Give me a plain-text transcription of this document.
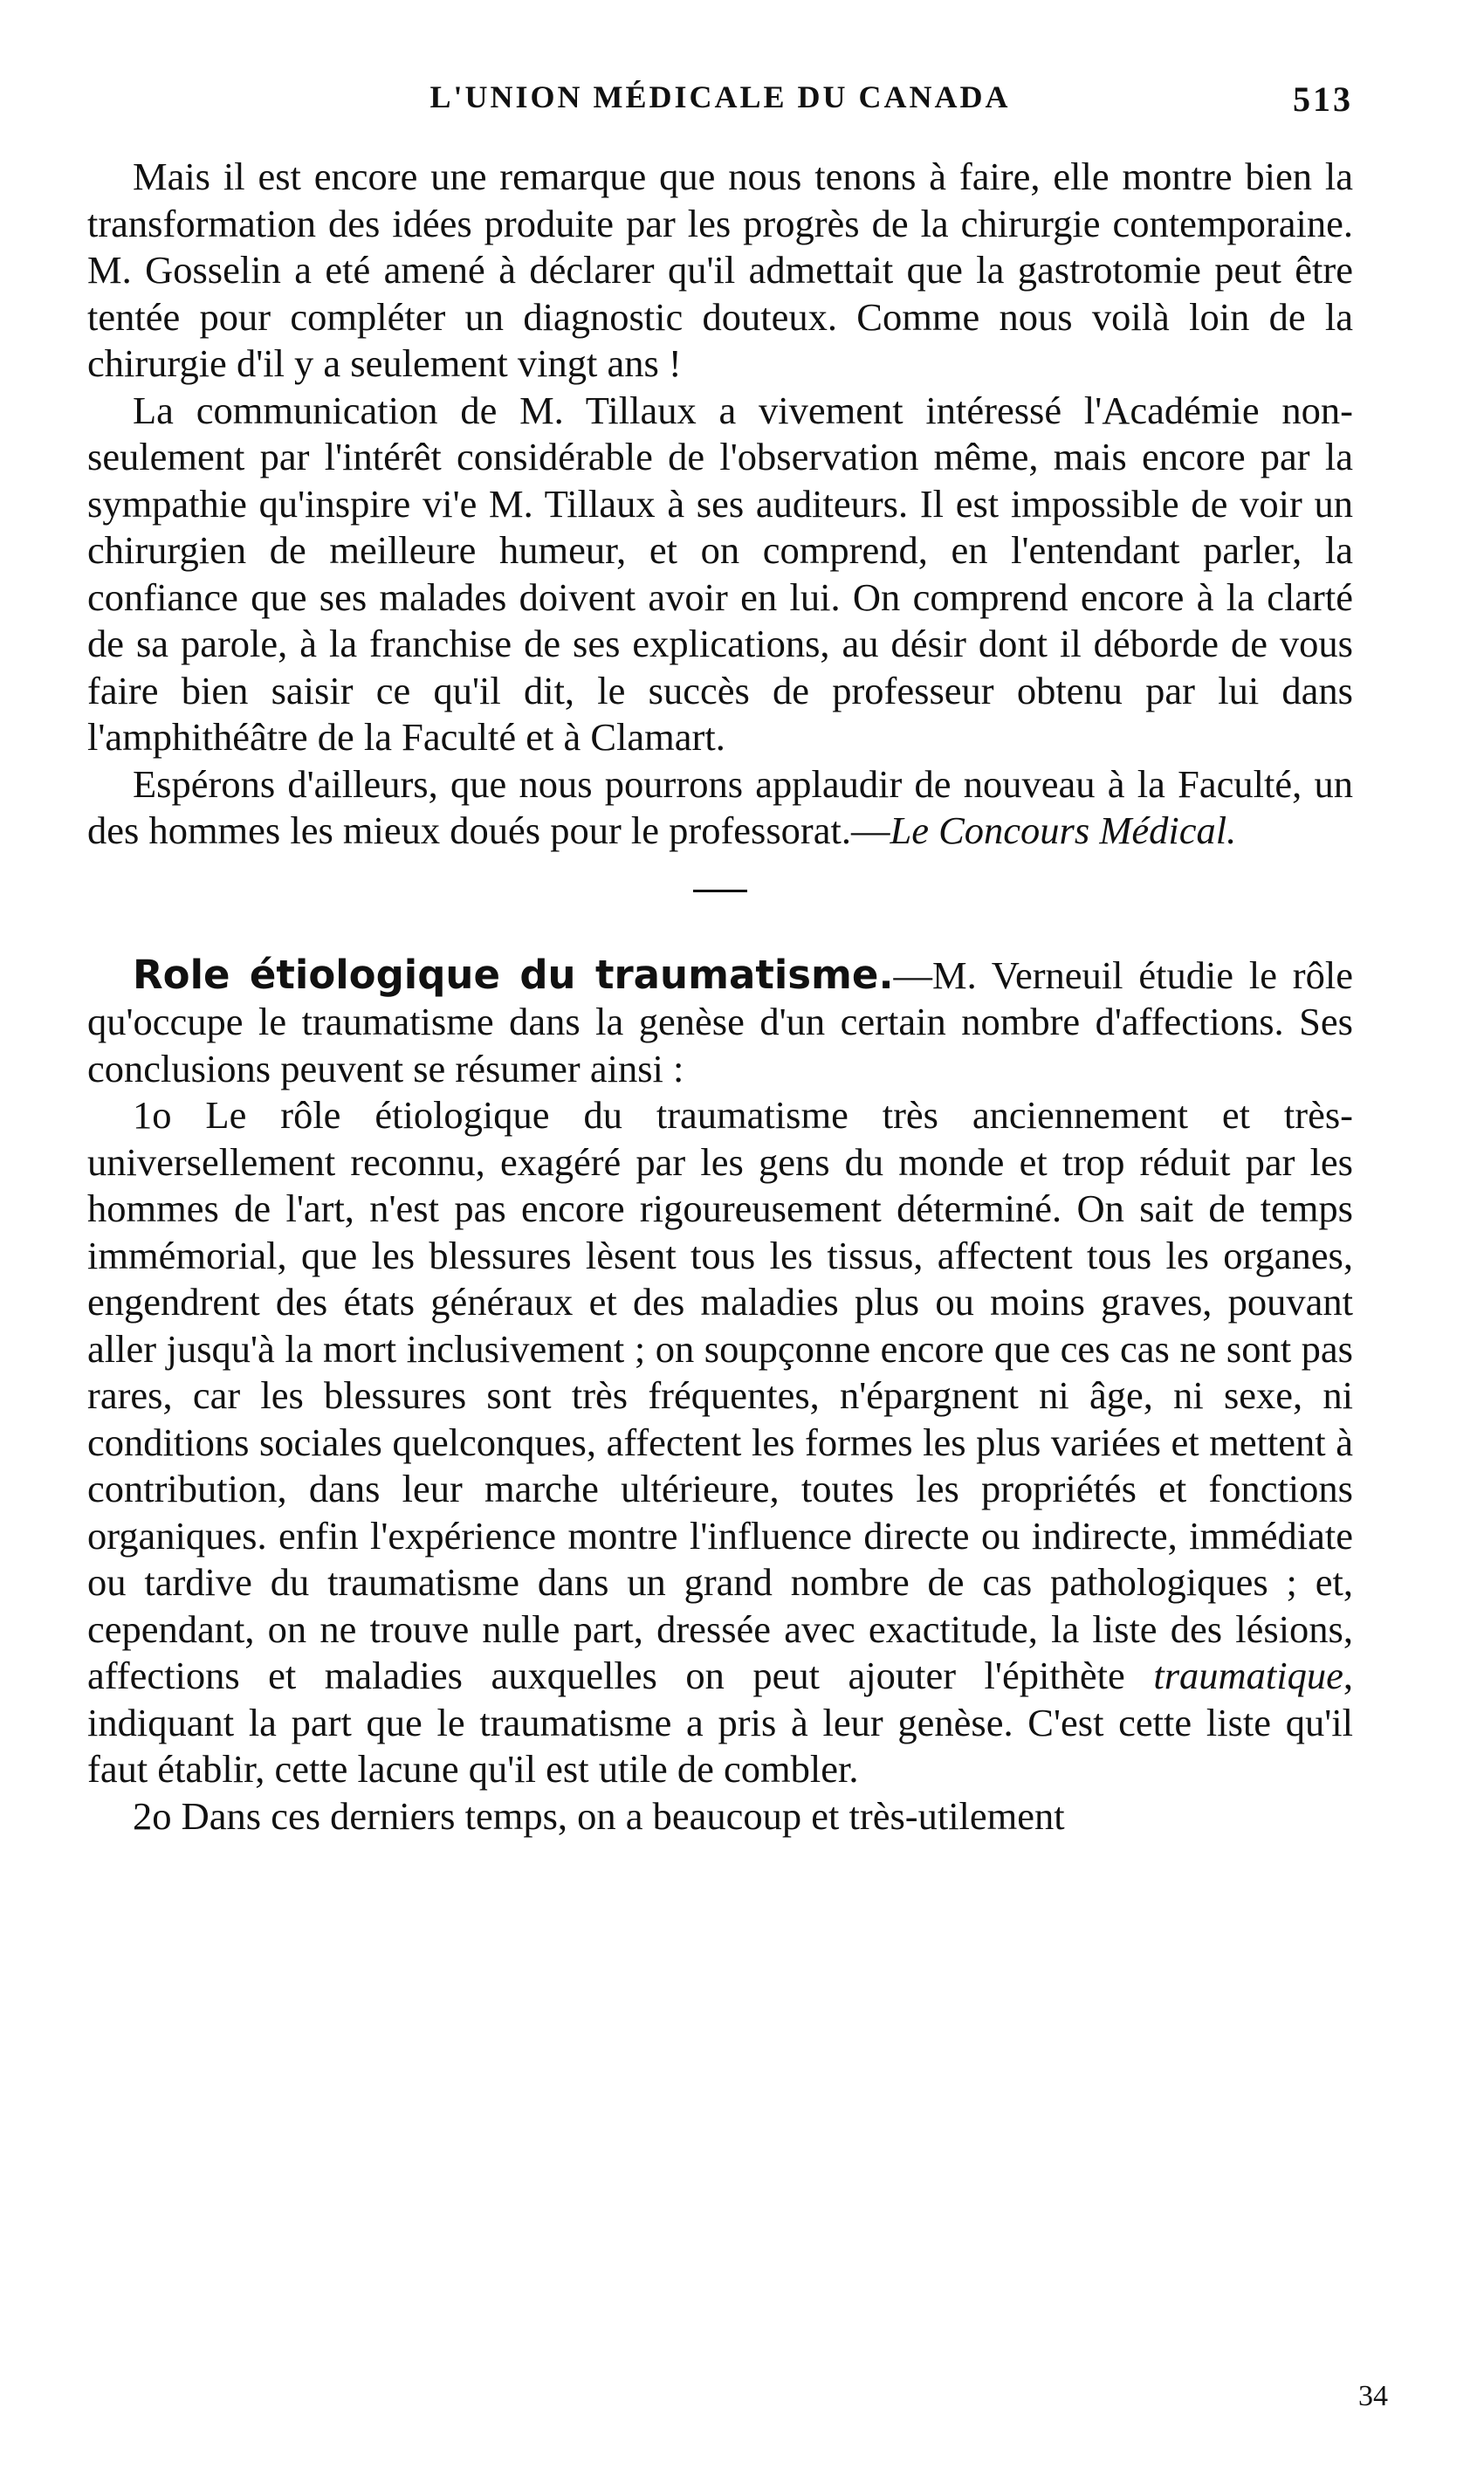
L'UNION MÉDICALE DU CANADA	513

Mais il est encore une remarque que nous tenons à faire, elle montre bien la transformation des idées produite par les progrès de la chirurgie contemporaine. M. Gosselin a eté amené à déclarer qu'il admettait que la gastrotomie peut être tentée pour compléter un diagnostic douteux. Comme nous voilà loin de la chirurgie d'il y a seulement vingt ans !

La communication de M. Tillaux a vivement intéressé l'Académie non-seulement par l'intérêt considérable de l'observation même, mais encore par la sympathie qu'inspire vi'e M. Tillaux à ses auditeurs. Il est impossible de voir un chirurgien de meilleure humeur, et on comprend, en l'entendant parler, la confiance que ses malades doivent avoir en lui. On comprend encore à la clarté de sa parole, à la franchise de ses explications, au désir dont il déborde de vous faire bien saisir ce qu'il dit, le succès de professeur obtenu par lui dans l'amphithéâtre de la Faculté et à Clamart.

Espérons d'ailleurs, que nous pourrons applaudir de nouveau à la Faculté, un des hommes les mieux doués pour le professorat.—Le Concours Médical.

Role étiologique du traumatisme.—M. Verneuil étudie le rôle qu'occupe le traumatisme dans la genèse d'un certain nombre d'affections. Ses conclusions peuvent se résumer ainsi :

1o Le rôle étiologique du traumatisme très anciennement et très-universellement reconnu, exagéré par les gens du monde et trop réduit par les hommes de l'art, n'est pas encore rigoureusement déterminé. On sait de temps immémorial, que les blessures lèsent tous les tissus, affectent tous les organes, engendrent des états généraux et des maladies plus ou moins graves, pouvant aller jusqu'à la mort inclusivement ; on soupçonne encore que ces cas ne sont pas rares, car les blessures sont très fréquentes, n'épargnent ni âge, ni sexe, ni conditions sociales quelconques, affectent les formes les plus variées et mettent à contribution, dans leur marche ultérieure, toutes les propriétés et fonctions organiques. enfin l'expérience montre l'influence directe ou indirecte, immédiate ou tardive du traumatisme dans un grand nombre de cas pathologiques ; et, cependant, on ne trouve nulle part, dressée avec exactitude, la liste des lésions, affections et maladies auxquelles on peut ajouter l'épithète traumatique, indiquant la part que le traumatisme a pris à leur genèse. C'est cette liste qu'il faut établir, cette lacune qu'il est utile de combler.

2o Dans ces derniers temps, on a beaucoup et très-utilement

34
